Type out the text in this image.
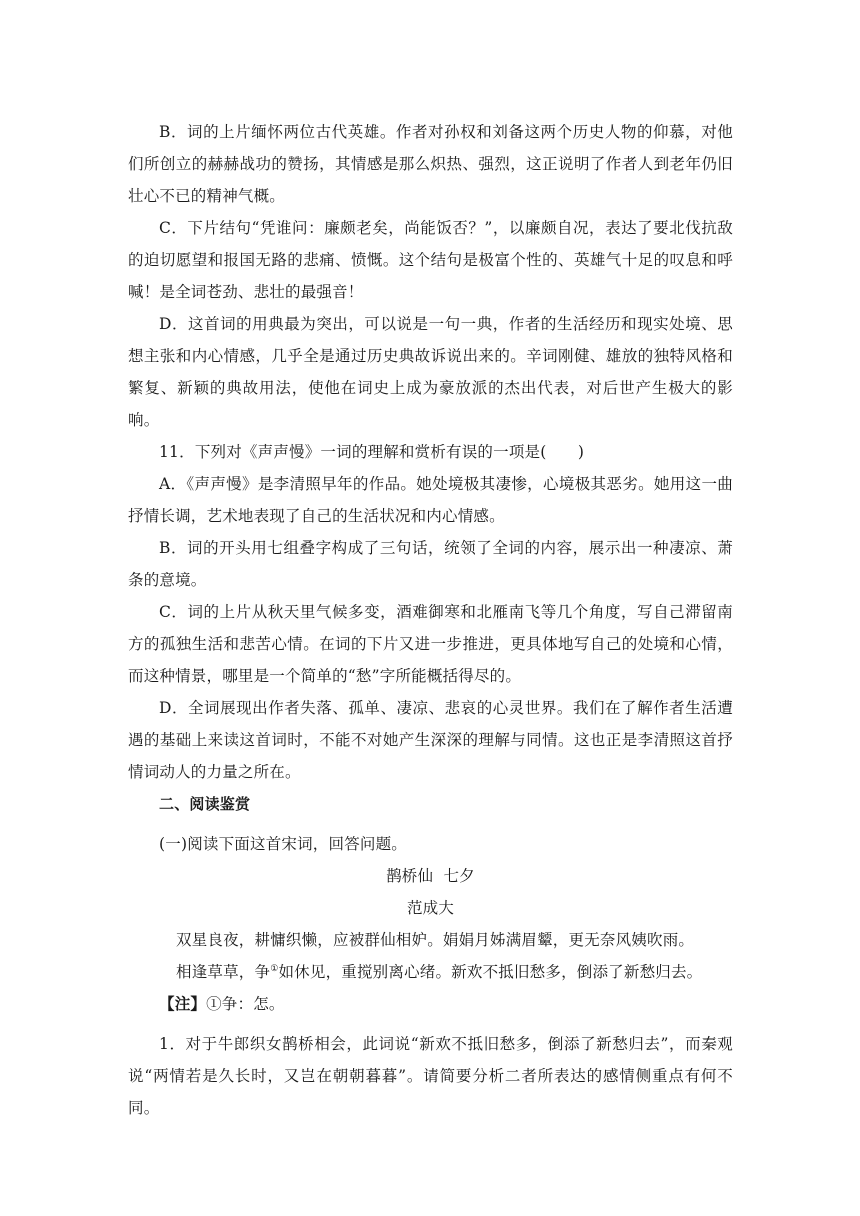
B．词的上片缅怀两位古代英雄。作者对孙权和刘备这两个历史人物的仰慕，对他们所创立的赫赫战功的赞扬，其情感是那么炽热、强烈，这正说明了作者人到老年仍旧壮心不已的精神气概。

C．下片结句“凭谁问：廉颇老矣，尚能饭否？”，以廉颇自况，表达了要北伐抗敌的迫切愿望和报国无路的悲痛、愤慨。这个结句是极富个性的、英雄气十足的叹息和呼喊！是全词苍劲、悲壮的最强音！

D．这首词的用典最为突出，可以说是一句一典，作者的生活经历和现实处境、思想主张和内心情感，几乎全是通过历史典故诉说出来的。辛词刚健、雄放的独特风格和繁复、新颖的典故用法，使他在词史上成为豪放派的杰出代表，对后世产生极大的影响。

11．下列对《声声慢》一词的理解和赏析有误的一项是(　　)

A．《声声慢》是李清照早年的作品。她处境极其凄惨，心境极其恶劣。她用这一曲抒情长调，艺术地表现了自己的生活状况和内心情感。

B．词的开头用七组叠字构成了三句话，统领了全词的内容，展示出一种凄凉、萧条的意境。

C．词的上片从秋天里气候多变，酒难御寒和北雁南飞等几个角度，写自己滞留南方的孤独生活和悲苦心情。在词的下片又进一步推进，更具体地写自己的处境和心情，而这种情景，哪里是一个简单的“愁”字所能概括得尽的。

D．全词展现出作者失落、孤单、凄凉、悲哀的心灵世界。我们在了解作者生活遭遇的基础上来读这首词时，不能不对她产生深深的理解与同情。这也正是李清照这首抒情词动人的力量之所在。

二、阅读鉴赏

(一)阅读下面这首宋词，回答问题。

鹊桥仙  七夕

范成大

双星良夜，耕慵织懒，应被群仙相妒。娟娟月姊满眉颦，更无奈风姨吹雨。

相逢草草，争①如休见，重搅别离心绪。新欢不抵旧愁多，倒添了新愁归去。

【注】①争：怎。

1．对于牛郎织女鹊桥相会，此词说“新欢不抵旧愁多，倒添了新愁归去”，而秦观说“两情若是久长时，又岂在朝朝暮暮”。请简要分析二者所表达的感情侧重点有何不同。
